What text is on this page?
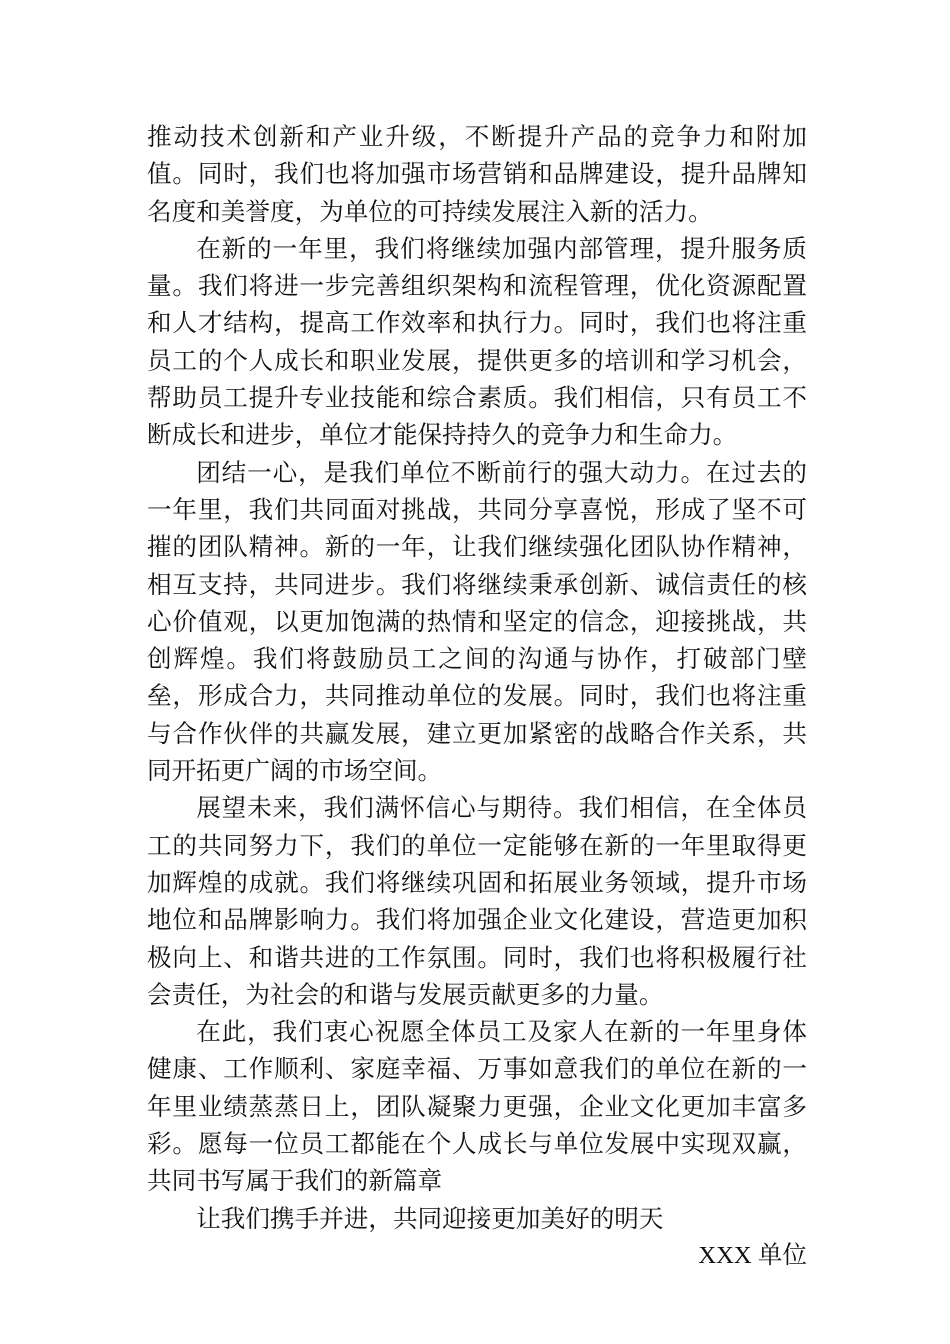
推动技术创新和产业升级，不断提升产品的竞争力和附加值。同时，我们也将加强市场营销和品牌建设，提升品牌知名度和美誉度，为单位的可持续发展注入新的活力。

在新的一年里，我们将继续加强内部管理，提升服务质量。我们将进一步完善组织架构和流程管理，优化资源配置和人才结构，提高工作效率和执行力。同时，我们也将注重员工的个人成长和职业发展，提供更多的培训和学习机会，帮助员工提升专业技能和综合素质。我们相信，只有员工不断成长和进步，单位才能保持持久的竞争力和生命力。

团结一心，是我们单位不断前行的强大动力。在过去的一年里，我们共同面对挑战，共同分享喜悦，形成了坚不可摧的团队精神。新的一年，让我们继续强化团队协作精神，相互支持，共同进步。我们将继续秉承创新、诚信责任的核心价值观，以更加饱满的热情和坚定的信念，迎接挑战，共创辉煌。我们将鼓励员工之间的沟通与协作，打破部门壁垒，形成合力，共同推动单位的发展。同时，我们也将注重与合作伙伴的共赢发展，建立更加紧密的战略合作关系，共同开拓更广阔的市场空间。

展望未来，我们满怀信心与期待。我们相信，在全体员工的共同努力下，我们的单位一定能够在新的一年里取得更加辉煌的成就。我们将继续巩固和拓展业务领域，提升市场地位和品牌影响力。我们将加强企业文化建设，营造更加积极向上、和谐共进的工作氛围。同时，我们也将积极履行社会责任，为社会的和谐与发展贡献更多的力量。

在此，我们衷心祝愿全体员工及家人在新的一年里身体健康、工作顺利、家庭幸福、万事如意我们的单位在新的一年里业绩蒸蒸日上，团队凝聚力更强，企业文化更加丰富多彩。愿每一位员工都能在个人成长与单位发展中实现双赢，共同书写属于我们的新篇章

让我们携手并进，共同迎接更加美好的明天

XXX 单位
